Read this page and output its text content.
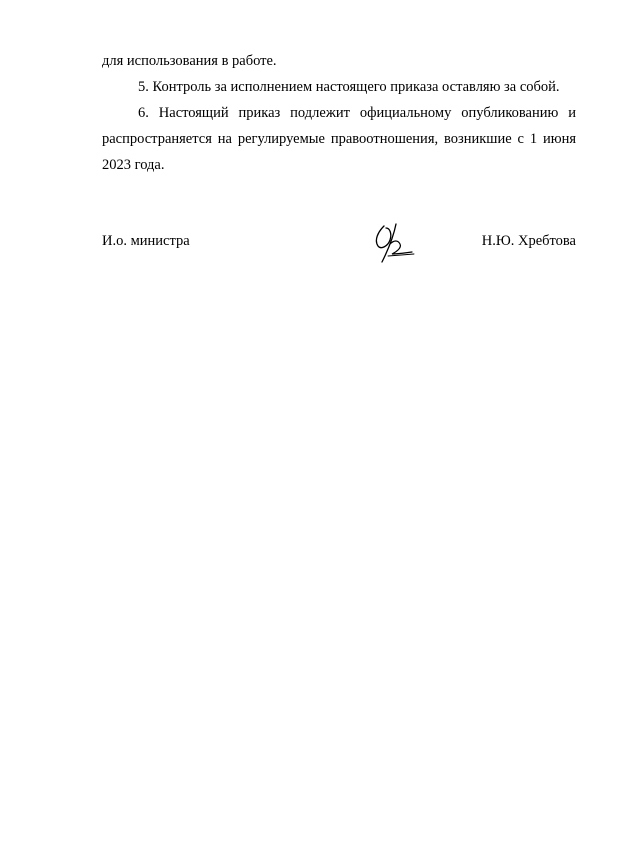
для использования в работе.
5. Контроль за исполнением настоящего приказа оставляю за собой.
6. Настоящий приказ подлежит официальному опубликованию и
распространяется на регулируемые правоотношения, возникшие с 1 июня
2023 года.
И.о. министра	Н.Ю. Хребтова
